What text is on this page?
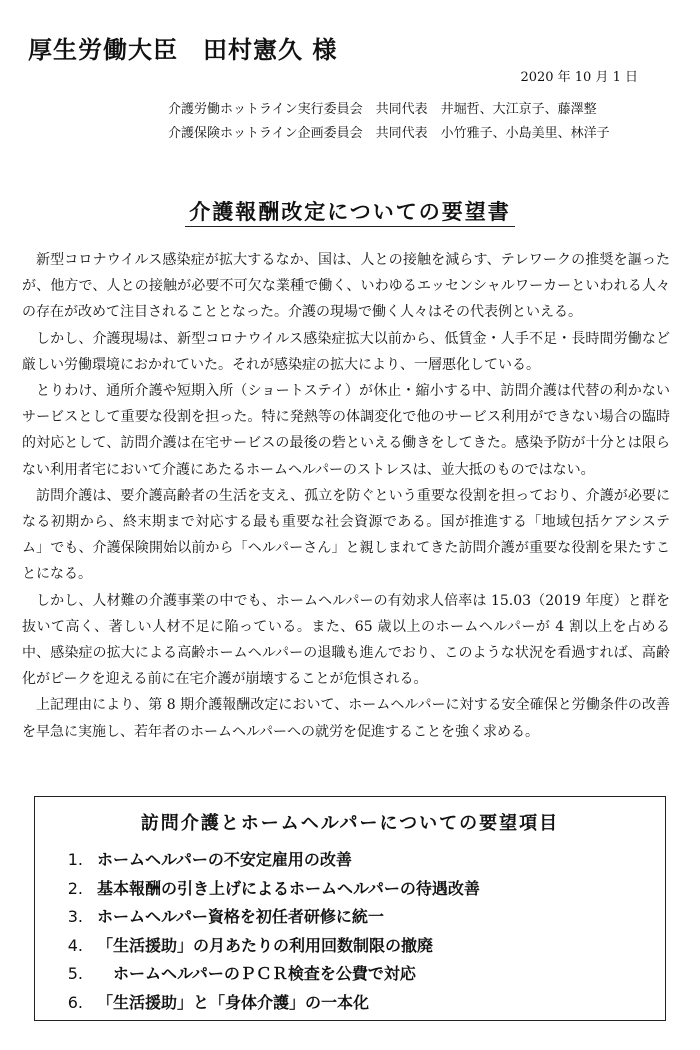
厚生労働大臣　田村憲久 様
2020 年 10 月 1 日
介護労働ホットライン実行委員会　共同代表　井堀哲、大江京子、藤澤整
介護保険ホットライン企画委員会　共同代表　小竹雅子、小島美里、林洋子
介護報酬改定についての要望書

新型コロナウイルス感染症が拡大するなか、国は、人との接触を減らす、テレワークの推奨を謳ったが、他方で、人との接触が必要不可欠な業種で働く、いわゆるエッセンシャルワーカーといわれる人々の存在が改めて注目されることとなった。介護の現場で働く人々はその代表例といえる。

しかし、介護現場は、新型コロナウイルス感染症拡大以前から、低賃金・人手不足・長時間労働など厳しい労働環境におかれていた。それが感染症の拡大により、一層悪化している。

とりわけ、通所介護や短期入所（ショートステイ）が休止・縮小する中、訪問介護は代替の利かないサービスとして重要な役割を担った。特に発熱等の体調変化で他のサービス利用ができない場合の臨時的対応として、訪問介護は在宅サービスの最後の砦といえる働きをしてきた。感染予防が十分とは限らない利用者宅において介護にあたるホームヘルパーのストレスは、並大抵のものではない。

訪問介護は、要介護高齢者の生活を支え、孤立を防ぐという重要な役割を担っており、介護が必要になる初期から、終末期まで対応する最も重要な社会資源である。国が推進する「地域包括ケアシステム」でも、介護保険開始以前から「ヘルパーさん」と親しまれてきた訪問介護が重要な役割を果たすことになる。

しかし、人材難の介護事業の中でも、ホームヘルパーの有効求人倍率は 15.03（2019 年度）と群を抜いて高く、著しい人材不足に陥っている。また、65 歳以上のホームヘルパーが 4 割以上を占める中、感染症の拡大による高齢ホームヘルパーの退職も進んでおり、このような状況を看過すれば、高齢化がピークを迎える前に在宅介護が崩壊することが危惧される。

上記理由により、第 8 期介護報酬改定において、ホームヘルパーに対する安全確保と労働条件の改善を早急に実施し、若年者のホームヘルパーへの就労を促進することを強く求める。

訪問介護とホームヘルパーについての要望項目
1. ホームヘルパーの不安定雇用の改善
2. 基本報酬の引き上げによるホームヘルパーの待遇改善
3. ホームヘルパー資格を初任者研修に統一
4. 「生活援助」の月あたりの利用回数制限の撤廃
5.　ホームヘルパーのＰＣＲ検査を公費で対応
6. 「生活援助」と「身体介護」の一本化
